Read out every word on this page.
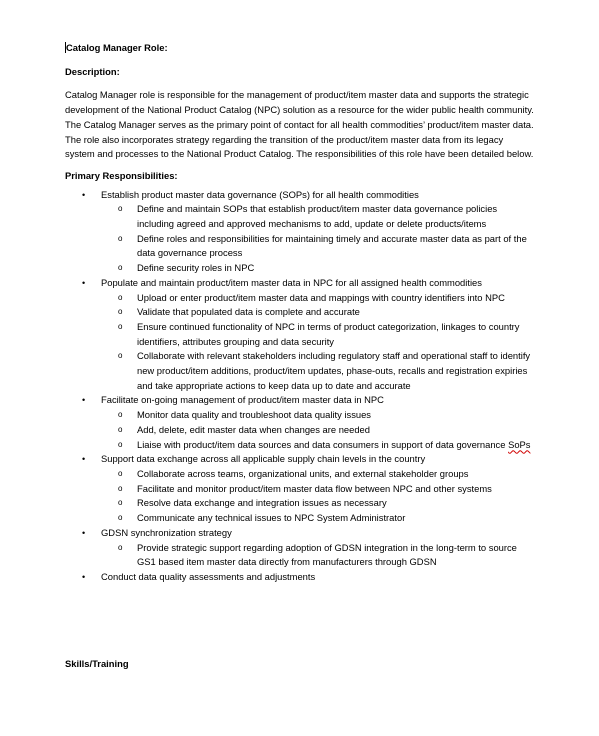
Catalog Manager Role:

Description:

Catalog Manager role is responsible for the management of product/item master data and supports the strategic development of the National Product Catalog (NPC) solution as a resource for the wider public health community. The Catalog Manager serves as the primary point of contact for all health commodities’ product/item master data. The role also incorporates strategy regarding the transition of the product/item master data from its legacy system and processes to the National Product Catalog. The responsibilities of this role have been detailed below.

Primary Responsibilities:

• Establish product master data governance (SOPs) for all health commodities
o Define and maintain SOPs that establish product/item master data governance policies including agreed and approved mechanisms to add, update or delete products/items
o Define roles and responsibilities for maintaining timely and accurate master data as part of the data governance process
o Define security roles in NPC
• Populate and maintain product/item master data in NPC for all assigned health commodities
o Upload or enter product/item master data and mappings with country identifiers into NPC
o Validate that populated data is complete and accurate
o Ensure continued functionality of NPC in terms of product categorization, linkages to country identifiers, attributes grouping and data security
o Collaborate with relevant stakeholders including regulatory staff and operational staff to identify new product/item additions, product/item updates, phase-outs, recalls and registration expiries and take appropriate actions to keep data up to date and accurate
• Facilitate on-going management of product/item master data in NPC
o Monitor data quality and troubleshoot data quality issues
o Add, delete, edit master data when changes are needed
o Liaise with product/item data sources and data consumers in support of data governance SoPs
• Support data exchange across all applicable supply chain levels in the country
o Collaborate across teams, organizational units, and external stakeholder groups
o Facilitate and monitor product/item master data flow between NPC and other systems
o Resolve data exchange and integration issues as necessary
o Communicate any technical issues to NPC System Administrator
• GDSN synchronization strategy
o Provide strategic support regarding adoption of GDSN integration in the long-term to source GS1 based item master data directly from manufacturers through GDSN
• Conduct data quality assessments and adjustments
Skills/Training
